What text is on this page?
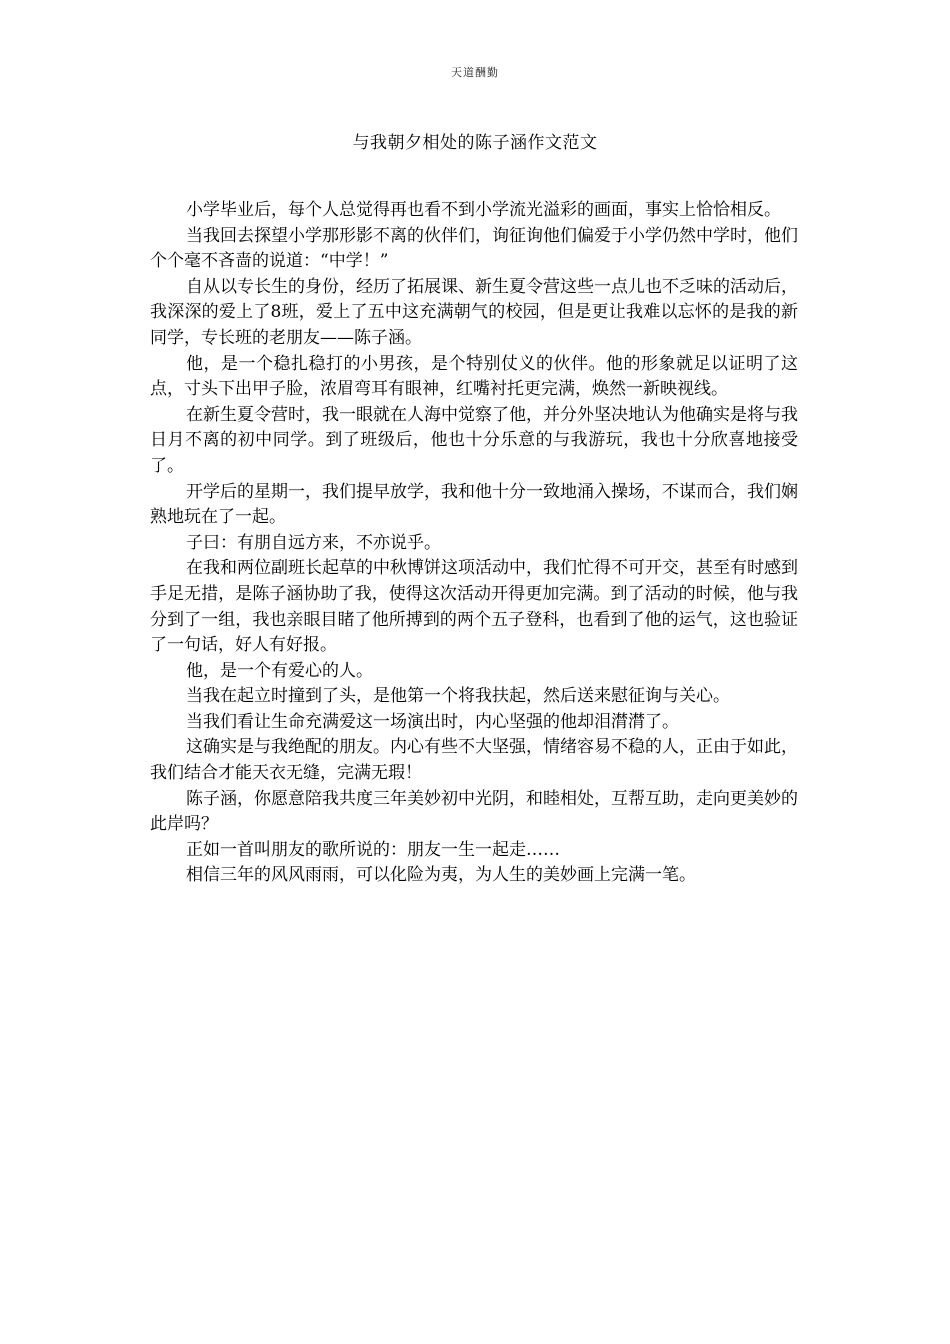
天道酬勤
与我朝夕相处的陈子涵作文范文

小学毕业后，每个人总觉得再也看不到小学流光溢彩的画面，事实上恰恰相反。

当我回去探望小学那形影不离的伙伴们，询征询他们偏爱于小学仍然中学时，他们个个毫不吝啬的说道：“中学！”

自从以专长生的身份，经历了拓展课、新生夏令营这些一点儿也不乏味的活动后，我深深的爱上了8班，爱上了五中这充满朝气的校园，但是更让我难以忘怀的是我的新同学，专长班的老朋友——陈子涵。

他，是一个稳扎稳打的小男孩，是个特别仗义的伙伴。他的形象就足以证明了这点，寸头下出甲子脸，浓眉弯耳有眼神，红嘴衬托更完满，焕然一新映视线。

在新生夏令营时，我一眼就在人海中觉察了他，并分外坚决地认为他确实是将与我日月不离的初中同学。到了班级后，他也十分乐意的与我游玩，我也十分欣喜地接受了。

开学后的星期一，我们提早放学，我和他十分一致地涌入操场，不谋而合，我们娴熟地玩在了一起。

子曰：有朋自远方来，不亦说乎。

在我和两位副班长起草的中秋博饼这项活动中，我们忙得不可开交，甚至有时感到手足无措，是陈子涵协助了我，使得这次活动开得更加完满。到了活动的时候，他与我分到了一组，我也亲眼目睹了他所搏到的两个五子登科，也看到了他的运气，这也验证了一句话，好人有好报。

他，是一个有爱心的人。

当我在起立时撞到了头，是他第一个将我扶起，然后送来慰征询与关心。

当我们看让生命充满爱这一场演出时，内心坚强的他却泪潸潸了。

这确实是与我绝配的朋友。内心有些不大坚强，情绪容易不稳的人，正由于如此，我们结合才能天衣无缝，完满无瑕！

陈子涵，你愿意陪我共度三年美妙初中光阴，和睦相处，互帮互助，走向更美妙的此岸吗？

正如一首叫朋友的歌所说的：朋友一生一起走……

相信三年的风风雨雨，可以化险为夷，为人生的美妙画上完满一笔。
